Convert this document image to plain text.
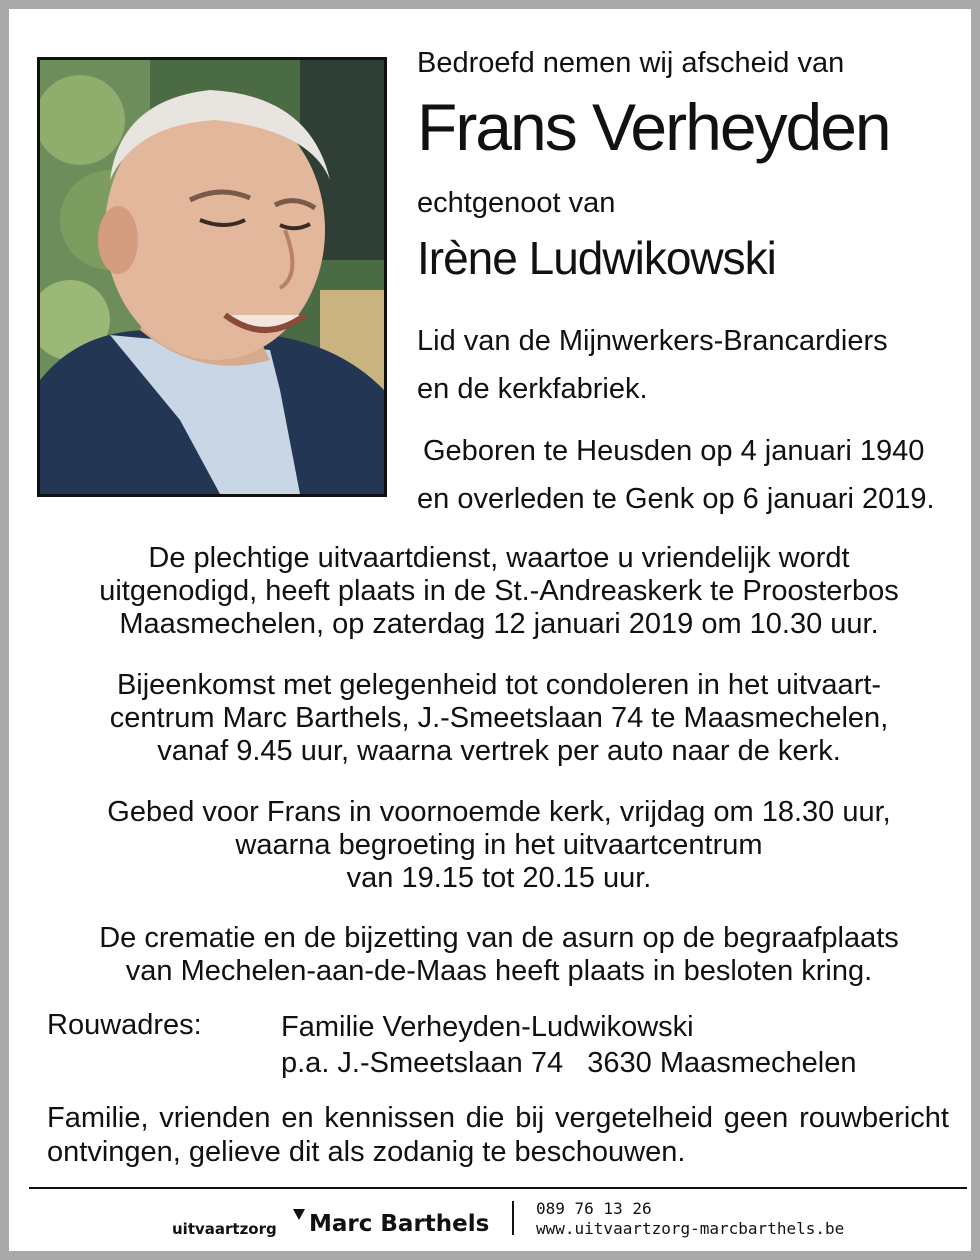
Bedroefd nemen wij afscheid van
Frans Verheyden
echtgenoot van
Irène Ludwikowski
Lid van de Mijnwerkers-Brancardiers
en de kerkfabriek.
Geboren te Heusden op 4 januari 1940
en overleden te Genk op 6 januari 2019.
De plechtige uitvaartdienst, waartoe u vriendelijk wordt
uitgenodigd, heeft plaats in de St.-Andreaskerk te Proosterbos
Maasmechelen, op zaterdag 12 januari 2019 om 10.30 uur.
Bijeenkomst met gelegenheid tot condoleren in het uitvaart-
centrum Marc Barthels, J.-Smeetslaan 74 te Maasmechelen,
vanaf 9.45 uur, waarna vertrek per auto naar de kerk.
Gebed voor Frans in voornoemde kerk, vrijdag om 18.30 uur,
waarna begroeting in het uitvaartcentrum
van 19.15 tot 20.15 uur.
De crematie en de bijzetting van de asurn op de begraafplaats
van Mechelen-aan-de-Maas heeft plaats in besloten kring.
Rouwadres:	Familie Verheyden-Ludwikowski
p.a. J.-Smeetslaan 74   3630 Maasmechelen

Familie, vrienden en kennissen die bij vergetelheid geen rouwbericht ontvingen, gelieve dit als zodanig te beschouwen.

uitvaartzorg Marc Barthels
089 76 13 26
www.uitvaartzorg-marcbarthels.be
